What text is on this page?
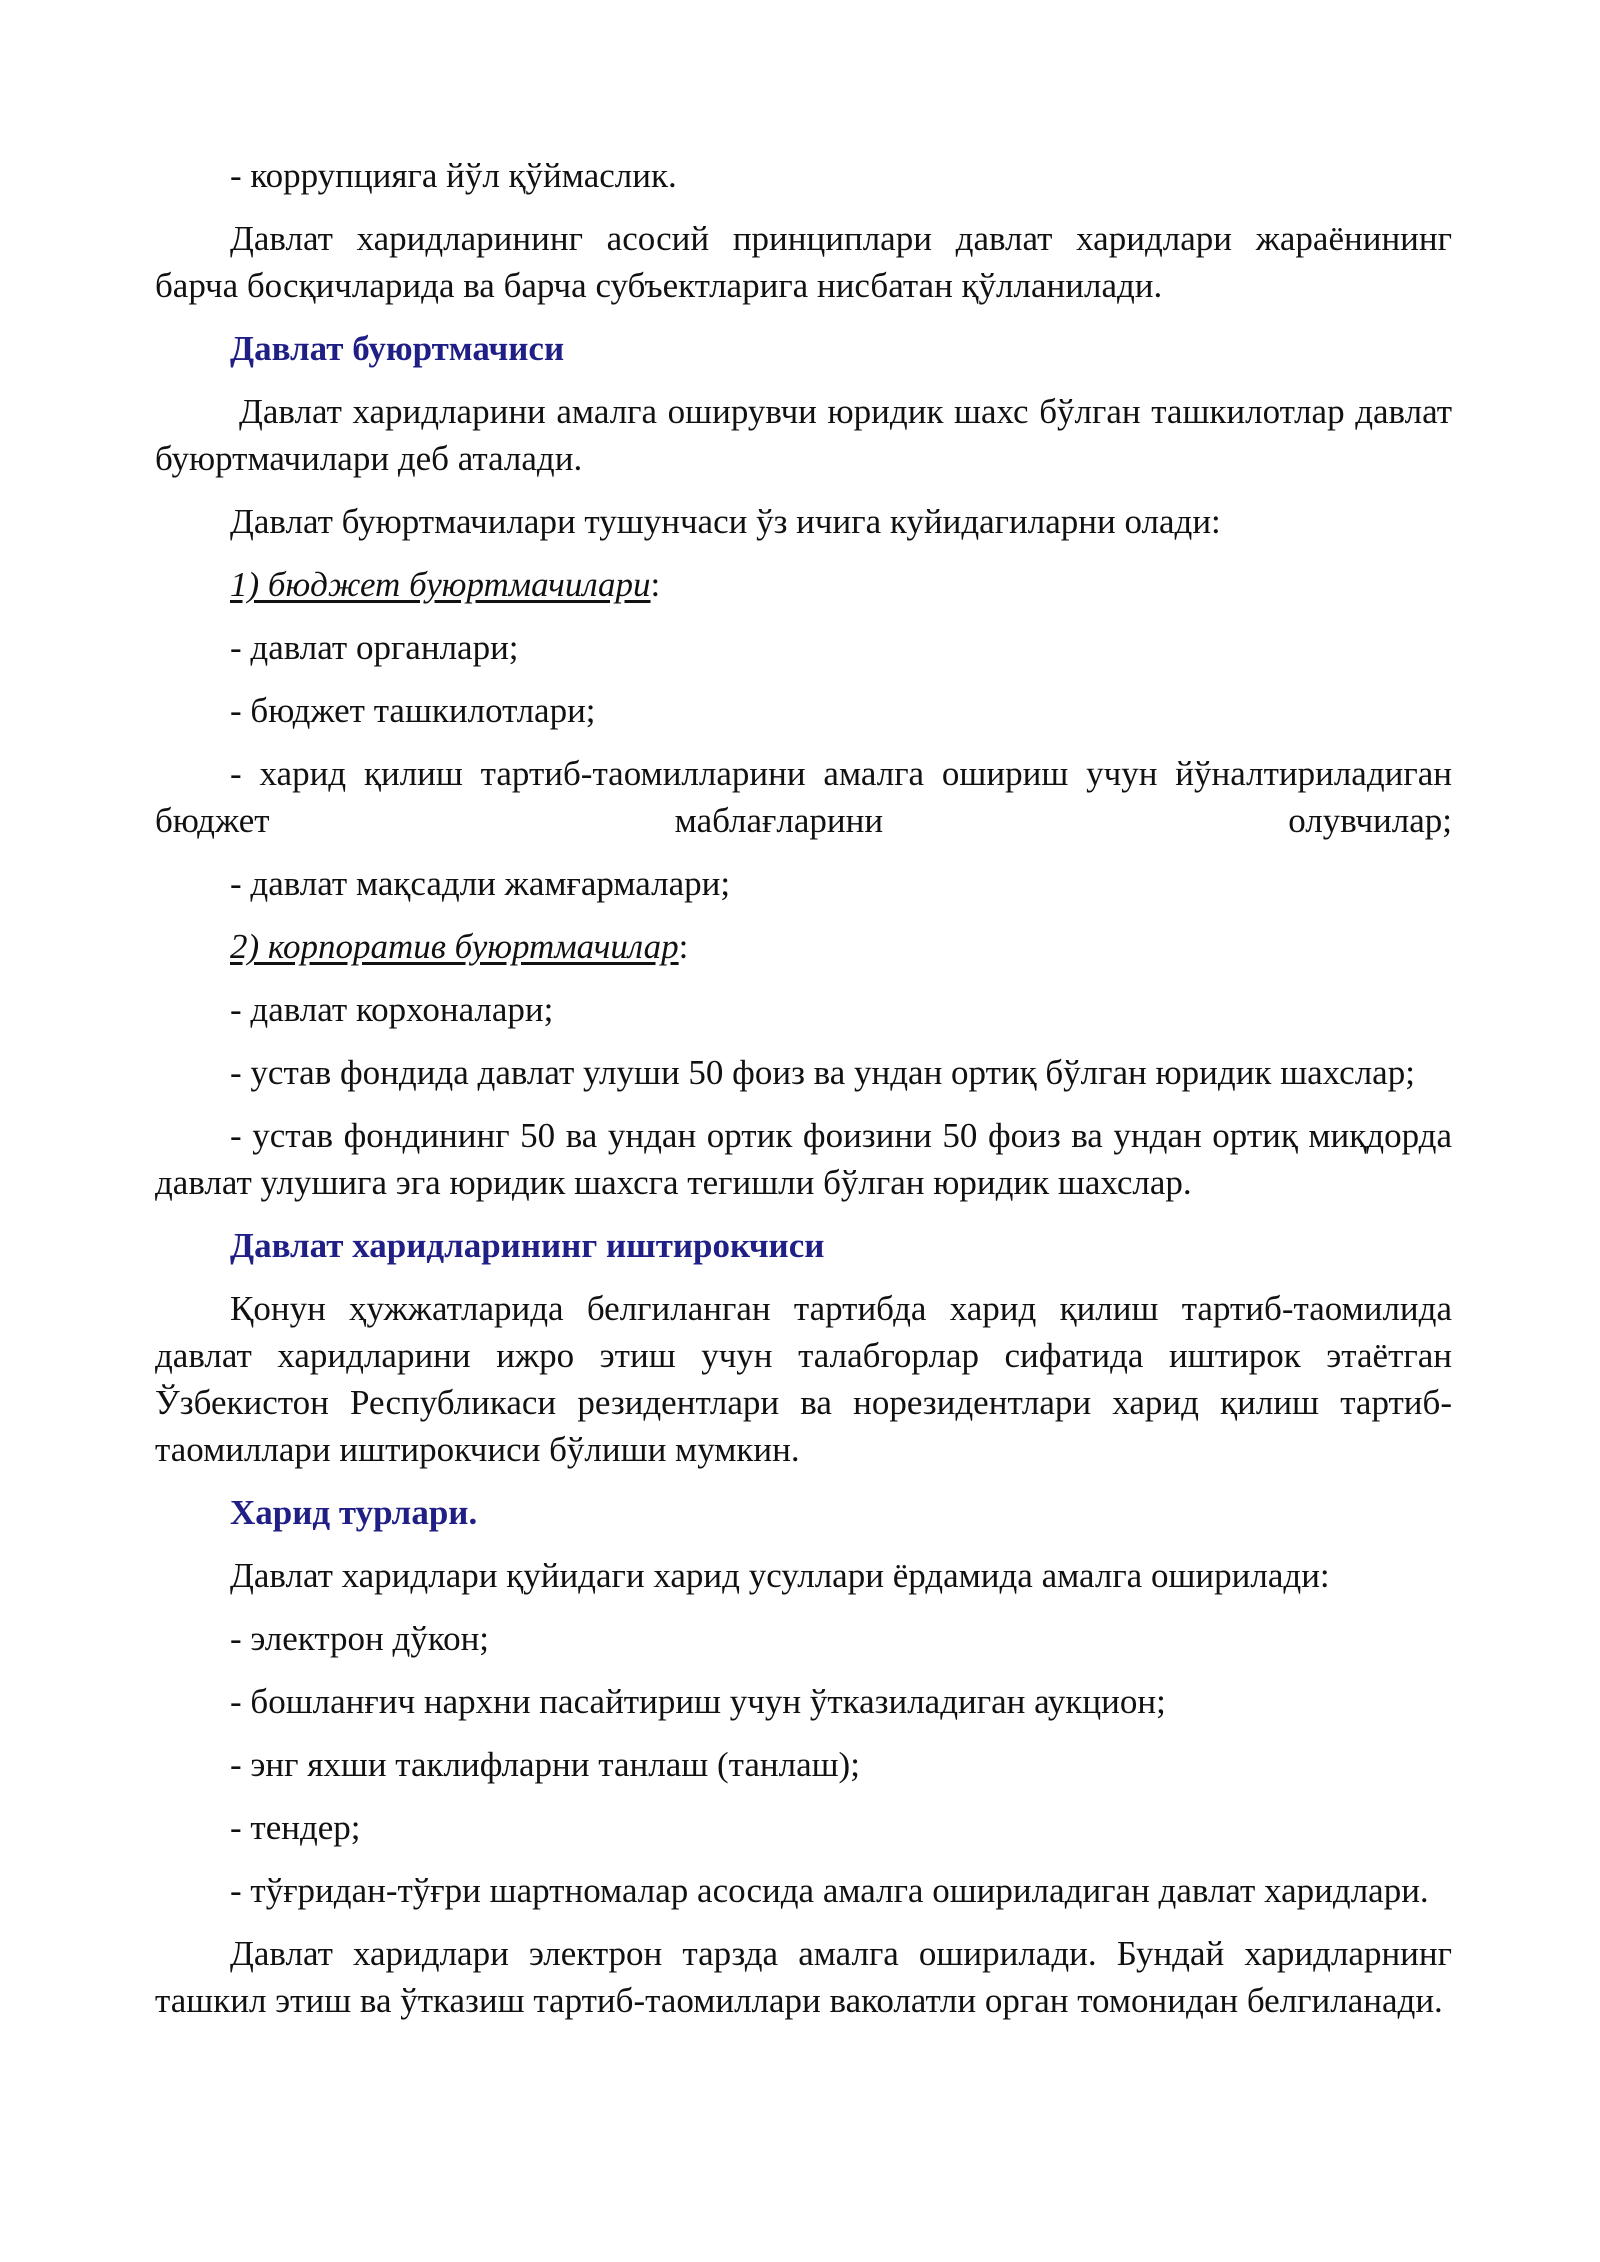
- коррупцияга йўл қўймаслик.

Давлат харидларининг асосий принциплари давлат харидлари жараёнининг барча босқичларида ва барча субъектларига нисбатан қўлланилади.

Давлат буюртмачиси

Давлат харидларини амалга оширувчи юридик шахс бўлган ташкилотлар давлат буюртмачилари деб аталади.

Давлат буюртмачилари тушунчаси ўз ичига куйидагиларни олади:

1) бюджет буюртмачилари:

- давлат органлари;

- бюджет ташкилотлари;

- харид қилиш тартиб-таомилларини амалга ошириш учун йўналтириладиган бюджет маблағларини олувчилар;

- давлат мақсадли жамғармалари;

2) корпоратив буюртмачилар:

- давлат корхоналари;

- устав фондида давлат улуши 50 фоиз ва ундан ортиқ бўлган юридик шахслар;

- устав фондининг 50 ва ундан ортик фоизини 50 фоиз ва ундан ортиқ миқдорда давлат улушига эга юридик шахсга тегишли бўлган юридик шахслар.

Давлат харидларининг иштирокчиси

Қонун ҳужжатларида белгиланган тартибда харид қилиш тартиб-таомилида давлат харидларини ижро этиш учун талабгорлар сифатида иштирок этаётган Ўзбекистон Республикаси резидентлари ва норезидентлари харид қилиш тартиб-таомиллари иштирокчиси бўлиши мумкин.

Харид турлари.

Давлат харидлари қуйидаги харид усуллари ёрдамида амалга оширилади:

- электрон дўкон;

- бошланғич нархни пасайтириш учун ўтказиладиган аукцион;

- энг яхши таклифларни танлаш (танлаш);

- тендер;

- тўғридан-тўғри шартномалар асосида амалга ошириладиган давлат харидлари.

Давлат харидлари электрон тарзда амалга оширилади. Бундай харидларнинг ташкил этиш ва ўтказиш тартиб-таомиллари ваколатли орган томонидан белгиланади.
